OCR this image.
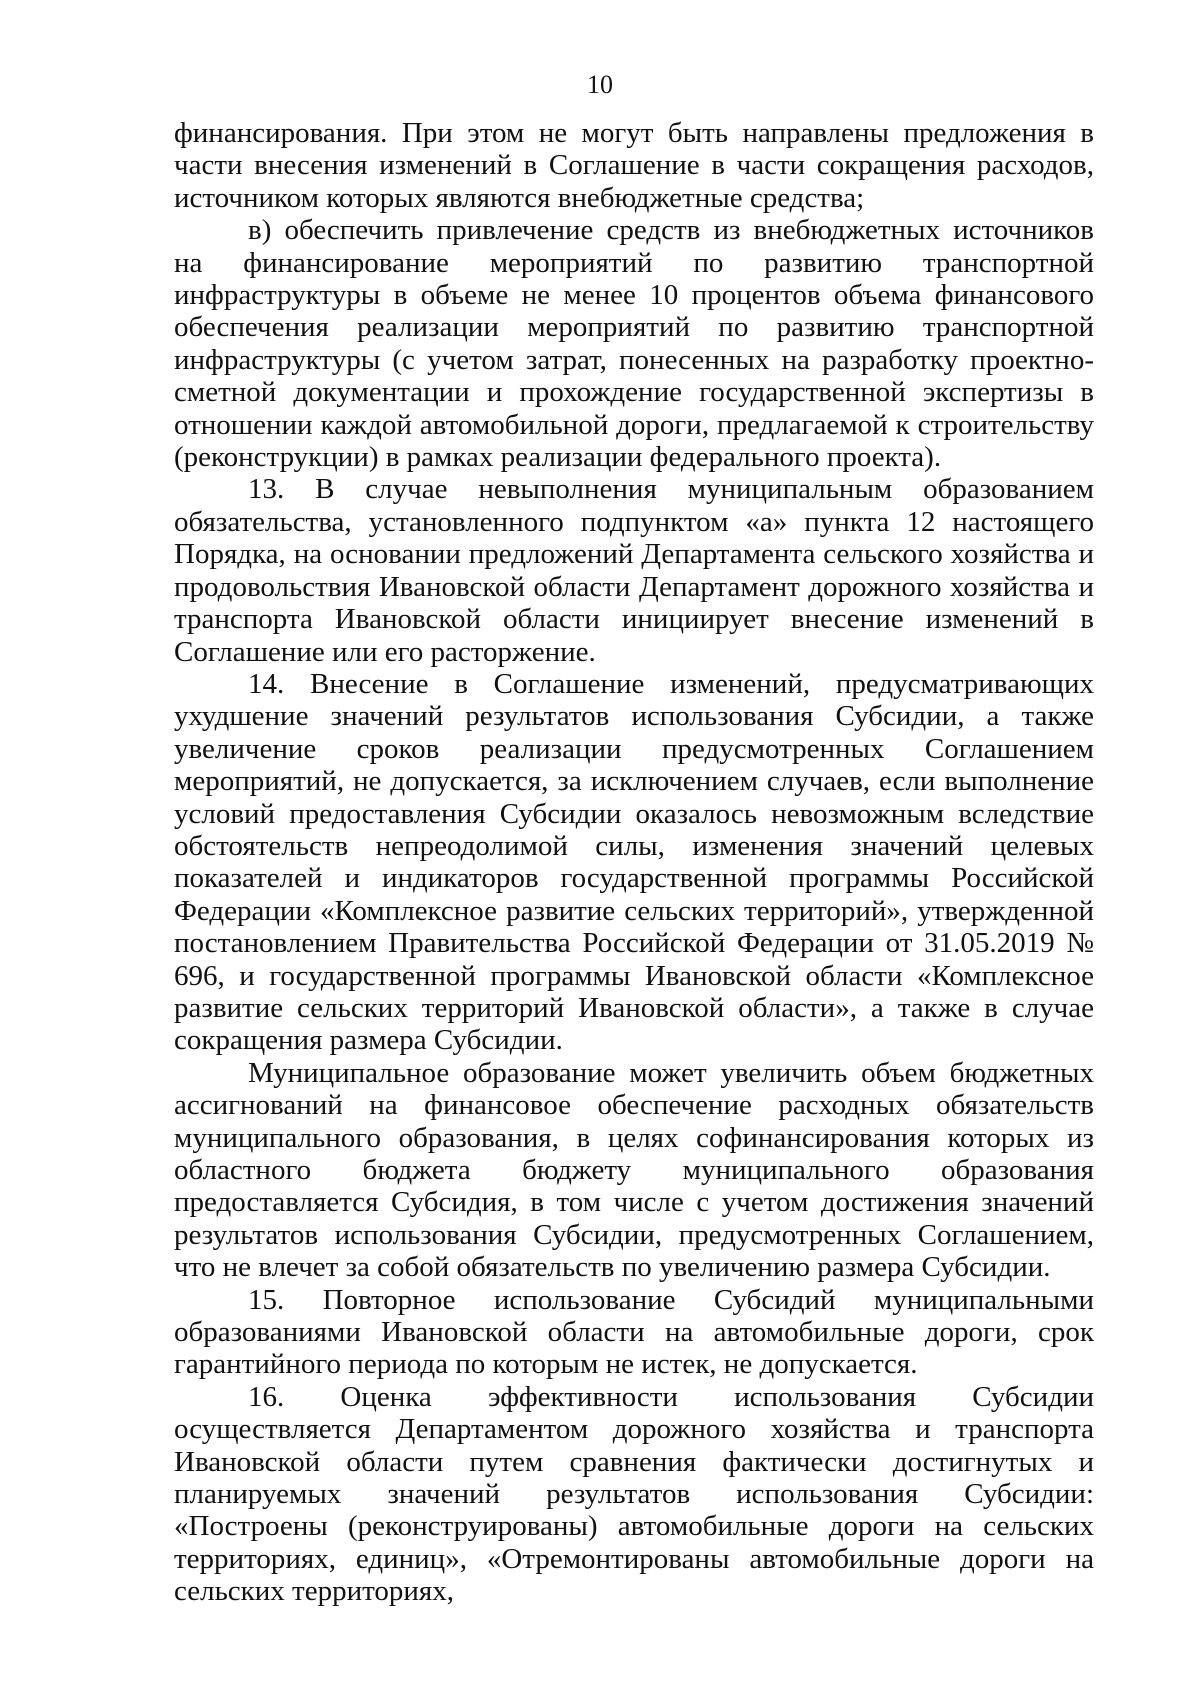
10

финансирования. При этом не могут быть направлены предложения в части внесения изменений в Соглашение в части сокращения расходов, источником которых являются внебюджетные средства;

в) обеспечить привлечение средств из внебюджетных источников на финансирование мероприятий по развитию транспортной инфраструктуры в объеме не менее 10 процентов объема финансового обеспечения реализации мероприятий по развитию транспортной инфраструктуры (с учетом затрат, понесенных на разработку проектно-сметной документации и прохождение государственной экспертизы в отношении каждой автомобильной дороги, предлагаемой к строительству (реконструкции) в рамках реализации федерального проекта).

13. В случае невыполнения муниципальным образованием обязательства, установленного подпунктом «а» пункта 12 настоящего Порядка, на основании предложений Департамента сельского хозяйства и продовольствия Ивановской области Департамент дорожного хозяйства и транспорта Ивановской области инициирует внесение изменений в Соглашение или его расторжение.

14. Внесение в Соглашение изменений, предусматривающих ухудшение значений результатов использования Субсидии, а также увеличение сроков реализации предусмотренных Соглашением мероприятий, не допускается, за исключением случаев, если выполнение условий предоставления Субсидии оказалось невозможным вследствие обстоятельств непреодолимой силы, изменения значений целевых показателей и индикаторов государственной программы Российской Федерации «Комплексное развитие сельских территорий», утвержденной постановлением Правительства Российской Федерации от 31.05.2019 № 696, и государственной программы Ивановской области «Комплексное развитие сельских территорий Ивановской области», а также в случае сокращения размера Субсидии.

Муниципальное образование может увеличить объем бюджетных ассигнований на финансовое обеспечение расходных обязательств муниципального образования, в целях софинансирования которых из областного бюджета бюджету муниципального образования предоставляется Субсидия, в том числе с учетом достижения значений результатов использования Субсидии, предусмотренных Соглашением, что не влечет за собой обязательств по увеличению размера Субсидии.

15. Повторное использование Субсидий муниципальными образованиями Ивановской области на автомобильные дороги, срок гарантийного периода по которым не истек, не допускается.

16. Оценка эффективности использования Субсидии осуществляется Департаментом дорожного хозяйства и транспорта Ивановской области путем сравнения фактически достигнутых и планируемых значений результатов использования Субсидии: «Построены (реконструированы) автомобильные дороги на сельских территориях, единиц», «Отремонтированы автомобильные дороги на сельских территориях,
